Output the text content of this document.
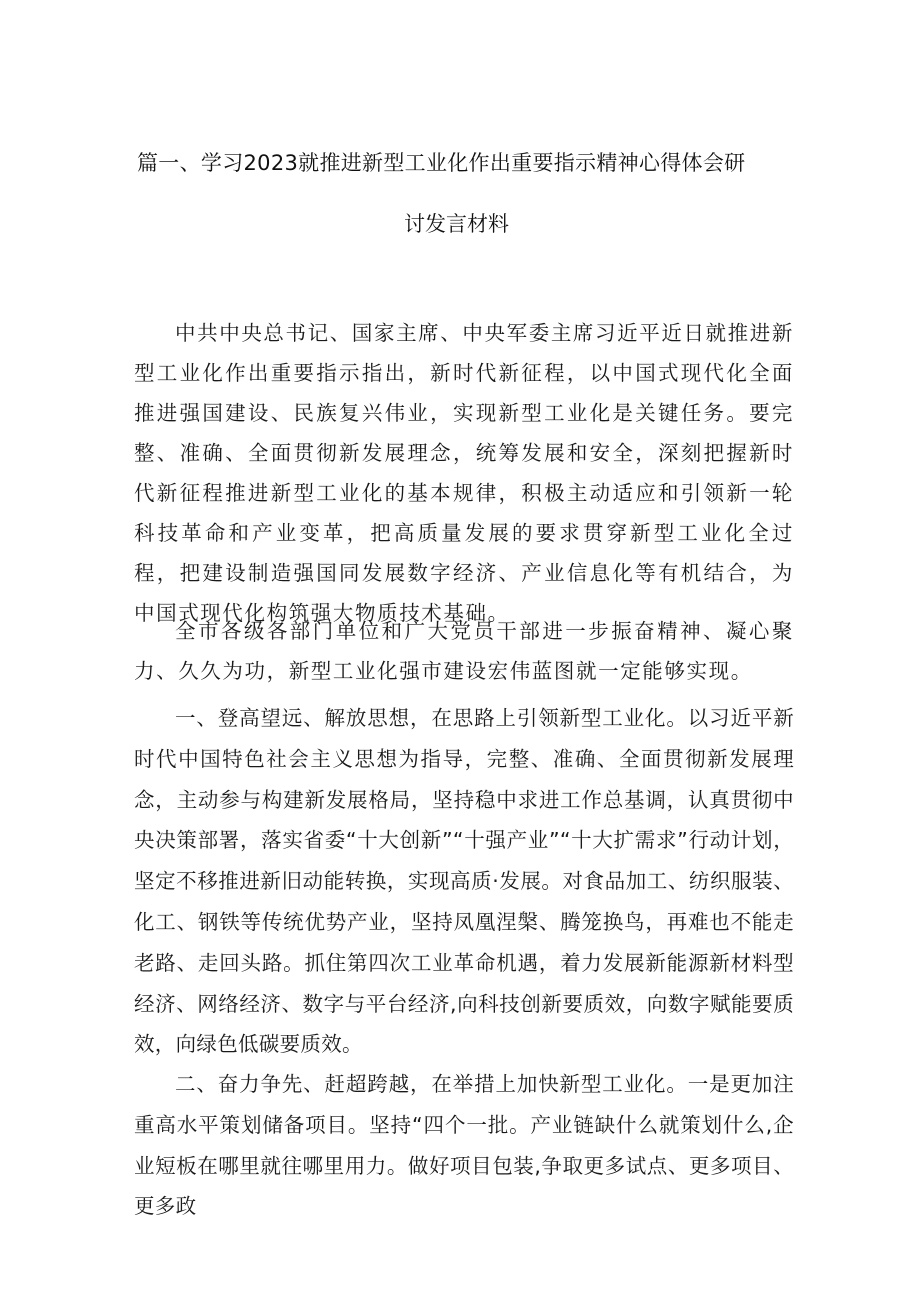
篇一、学习2023就推进新型工业化作出重要指示精神心得体会研
讨发言材料

中共中央总书记、国家主席、中央军委主席习近平近日就推进新型工业化作出重要指示指出，新时代新征程，以中国式现代化全面推进强国建设、民族复兴伟业，实现新型工业化是关键任务。要完整、准确、全面贯彻新发展理念，统筹发展和安全，深刻把握新时代新征程推进新型工业化的基本规律，积极主动适应和引领新一轮科技革命和产业变革，把高质量发展的要求贯穿新型工业化全过程，把建设制造强国同发展数字经济、产业信息化等有机结合，为中国式现代化构筑强大物质技术基础。

全市各级各部门单位和广大党员干部进一步振奋精神、凝心聚力、久久为功，新型工业化强市建设宏伟蓝图就一定能够实现。

一、登高望远、解放思想，在思路上引领新型工业化。以习近平新时代中国特色社会主义思想为指导，完整、准确、全面贯彻新发展理念，主动参与构建新发展格局，坚持稳中求进工作总基调，认真贯彻中央决策部署，落实省委“十大创新”“十强产业”“十大扩需求”行动计划，坚定不移推进新旧动能转换，实现高质·发展。对食品加工、纺织服装、化工、钢铁等传统优势产业，坚持凤凰涅槃、腾笼换鸟，再难也不能走老路、走回头路。抓住第四次工业革命机遇，着力发展新能源新材料型经济、网络经济、数字与平台经济,向科技创新要质效，向数字赋能要质效，向绿色低碳要质效。

二、奋力争先、赶超跨越，在举措上加快新型工业化。一是更加注重高水平策划储备项目。坚持“四个一批。产业链缺什么就策划什么,企业短板在哪里就往哪里用力。做好项目包装,争取更多试点、更多项目、更多政
